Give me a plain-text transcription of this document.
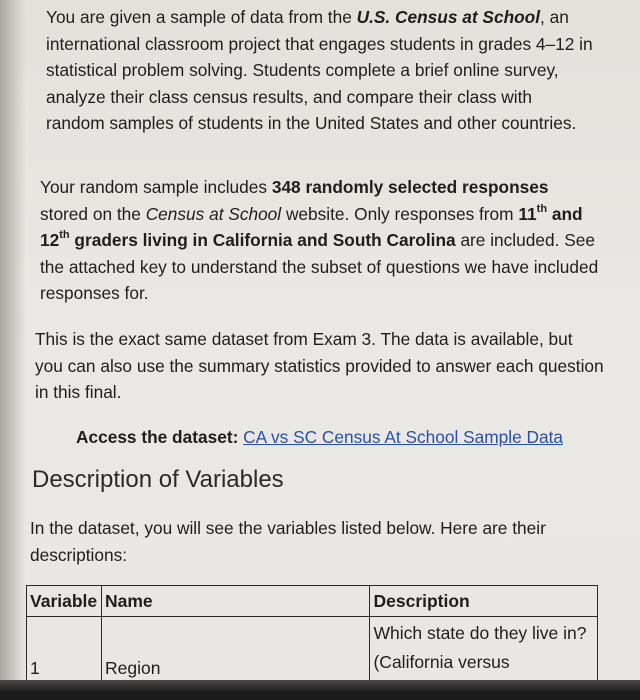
You are given a sample of data from the U.S. Census at School, an international classroom project that engages students in grades 4–12 in statistical problem solving. Students complete a brief online survey, analyze their class census results, and compare their class with random samples of students in the United States and other countries.

Your random sample includes 348 randomly selected responses stored on the Census at School website. Only responses from 11th and 12th graders living in California and South Carolina are included. See the attached key to understand the subset of questions we have included responses for.

This is the exact same dataset from Exam 3. The data is available, but you can also use the summary statistics provided to answer each question in this final.

Access the dataset: CA vs SC Census At School Sample Data
Description of Variables

In the dataset, you will see the variables listed below. Here are their descriptions:

Variable	Name	Description
1	Region	Which state do they live in? (California versus
